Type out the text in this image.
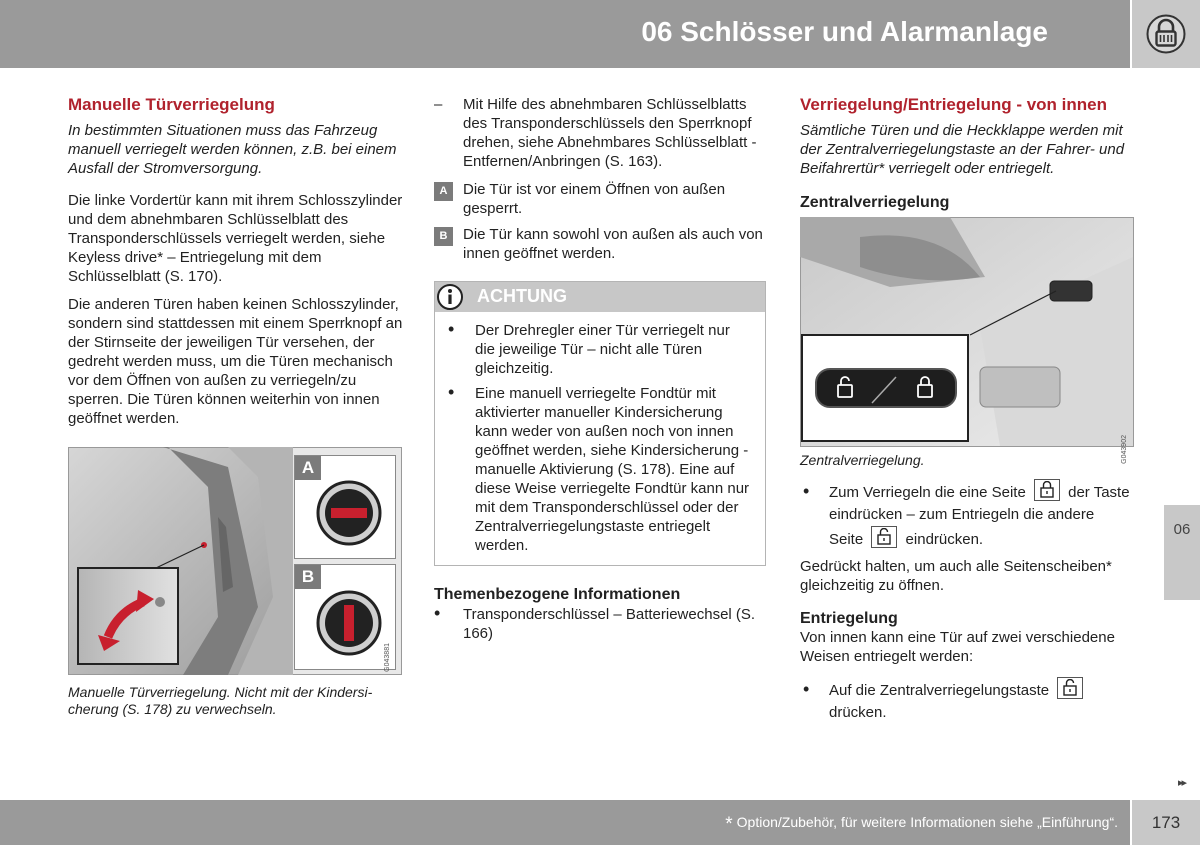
06 Schlösser und Alarmanlage
06
Manuelle Türverriegelung

In bestimmten Situationen muss das Fahrzeug manuell verriegelt werden können, z.B. bei einem Ausfall der Stromversorgung.

Die linke Vordertür kann mit ihrem Schlosszylinder und dem abnehmbaren Schlüsselblatt des Transponderschlüssels verriegelt werden, siehe Keyless drive* – Entriegelung mit dem Schlüsselblatt (S. 170).

Die anderen Türen haben keinen Schlosszylinder, sondern sind stattdessen mit einem Sperrknopf an der Stirnseite der jeweiligen Tür versehen, der gedreht werden muss, um die Türen mechanisch vor dem Öffnen von außen zu verriegeln/zu sperren. Die Türen können weiterhin von innen geöffnet werden.

A
B
G043881

Manuelle Türverriegelung. Nicht mit der Kindersicherung (S. 178) zu verwechseln.

– Mit Hilfe des abnehmbaren Schlüsselblatts des Transponderschlüssels den Sperrknopf drehen, siehe Abnehmbares Schlüsselblatt - Entfernen/Anbringen (S. 163).
A	Die Tür ist vor einem Öffnen von außen gesperrt.
B	Die Tür kann sowohl von außen als auch von innen geöffnet werden.
ACHTUNG
• Der Drehregler einer Tür verriegelt nur die jeweilige Tür – nicht alle Türen gleichzeitig.
• Eine manuell verriegelte Fondtür mit aktivierter manueller Kindersicherung kann weder von außen noch von innen geöffnet werden, siehe Kindersicherung - manuelle Aktivierung (S. 178). Eine auf diese Weise verriegelte Fondtür kann nur mit dem Transponderschlüssel oder der Zentralverriegelungstaste entriegelt werden.
Themenbezogene Informationen
• Transponderschlüssel – Batteriewechsel (S. 166)
Verriegelung/Entriegelung - von innen

Sämtliche Türen und die Heckklappe werden mit der Zentralverriegelungstaste an der Fahrer- und Beifahrertür* verriegelt oder entriegelt.

Zentralverriegelung
G043902

Zentralverriegelung.

• Zum Verriegeln die eine Seite	der Taste eindrücken – zum Entriegeln die andere Seite	eindrücken.

Gedrückt halten, um auch alle Seitenscheiben* gleichzeitig zu öffnen.

Entriegelung

Von innen kann eine Tür auf zwei verschiedene Weisen entriegelt werden:

• Auf die Zentralverriegelungstaste

drücken.
▸▸
* Option/Zubehör, für weitere Informationen siehe „Einführung“.	173
